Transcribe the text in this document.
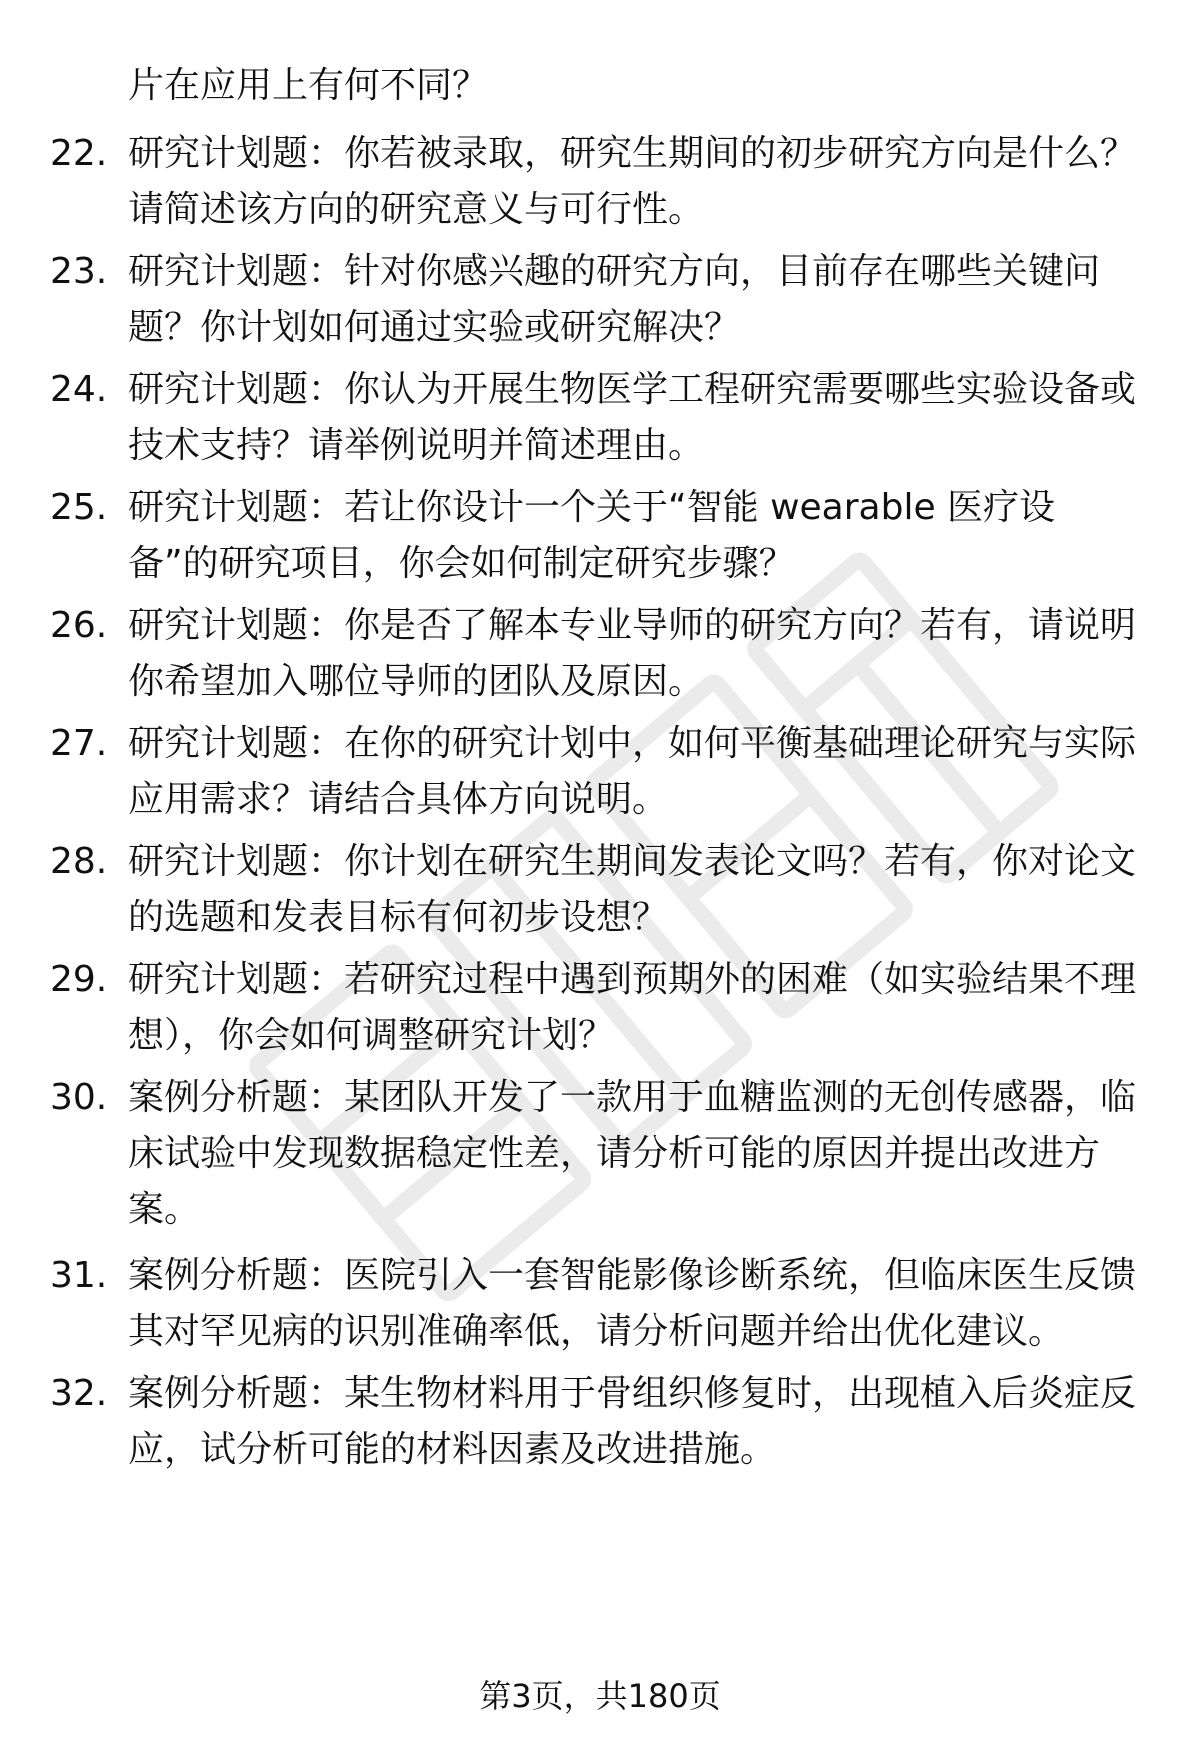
片在应用上有何不同？
22. 研究计划题：你若被录取，研究生期间的初步研究方向是什么？
请简述该方向的研究意义与可行性。
23. 研究计划题：针对你感兴趣的研究方向，目前存在哪些关键问
题？你计划如何通过实验或研究解决？
24. 研究计划题：你认为开展生物医学工程研究需要哪些实验设备或
技术支持？请举例说明并简述理由。
25. 研究计划题：若让你设计一个关于“智能 wearable 医疗设
备”的研究项目，你会如何制定研究步骤？
26. 研究计划题：你是否了解本专业导师的研究方向？若有，请说明
你希望加入哪位导师的团队及原因。
27. 研究计划题：在你的研究计划中，如何平衡基础理论研究与实际
应用需求？请结合具体方向说明。
28. 研究计划题：你计划在研究生期间发表论文吗？若有，你对论文
的选题和发表目标有何初步设想？
29. 研究计划题：若研究过程中遇到预期外的困难（如实验结果不理
想），你会如何调整研究计划？
30. 案例分析题：某团队开发了一款用于血糖监测的无创传感器，临
床试验中发现数据稳定性差，请分析可能的原因并提出改进方
案。
31. 案例分析题：医院引入一套智能影像诊断系统，但临床医生反馈
其对罕见病的识别准确率低，请分析问题并给出优化建议。
32. 案例分析题：某生物材料用于骨组织修复时，出现植入后炎症反
应，试分析可能的材料因素及改进措施。
第3页，共180页
